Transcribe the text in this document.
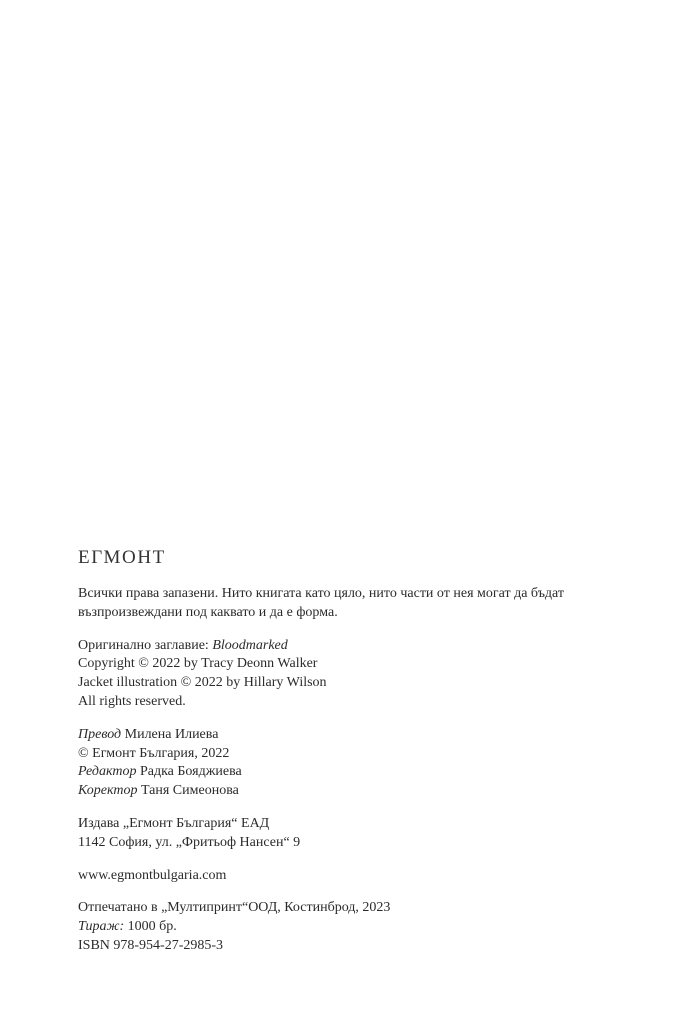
ЕГМОНТ
Всички права запазени. Нито книгата като цяло, нито части от нея могат да бъдат възпроизвеждани под каквато и да е форма.
Оригинално заглавие: Bloodmarked
Copyright © 2022 by Tracy Deonn Walker
Jacket illustration © 2022 by Hillary Wilson
All rights reserved.
Превод Милена Илиева
© Егмонт България, 2022
Редактор Радка Бояджиева
Коректор Таня Симеонова
Издава „Егмонт България“ ЕАД
1142 София, ул. „Фритьоф Нансен“ 9
www.egmontbulgaria.com
Отпечатано в „Мултипринт“ООД, Костинброд, 2023
Тираж: 1000 бр.
ISBN 978-954-27-2985-3
